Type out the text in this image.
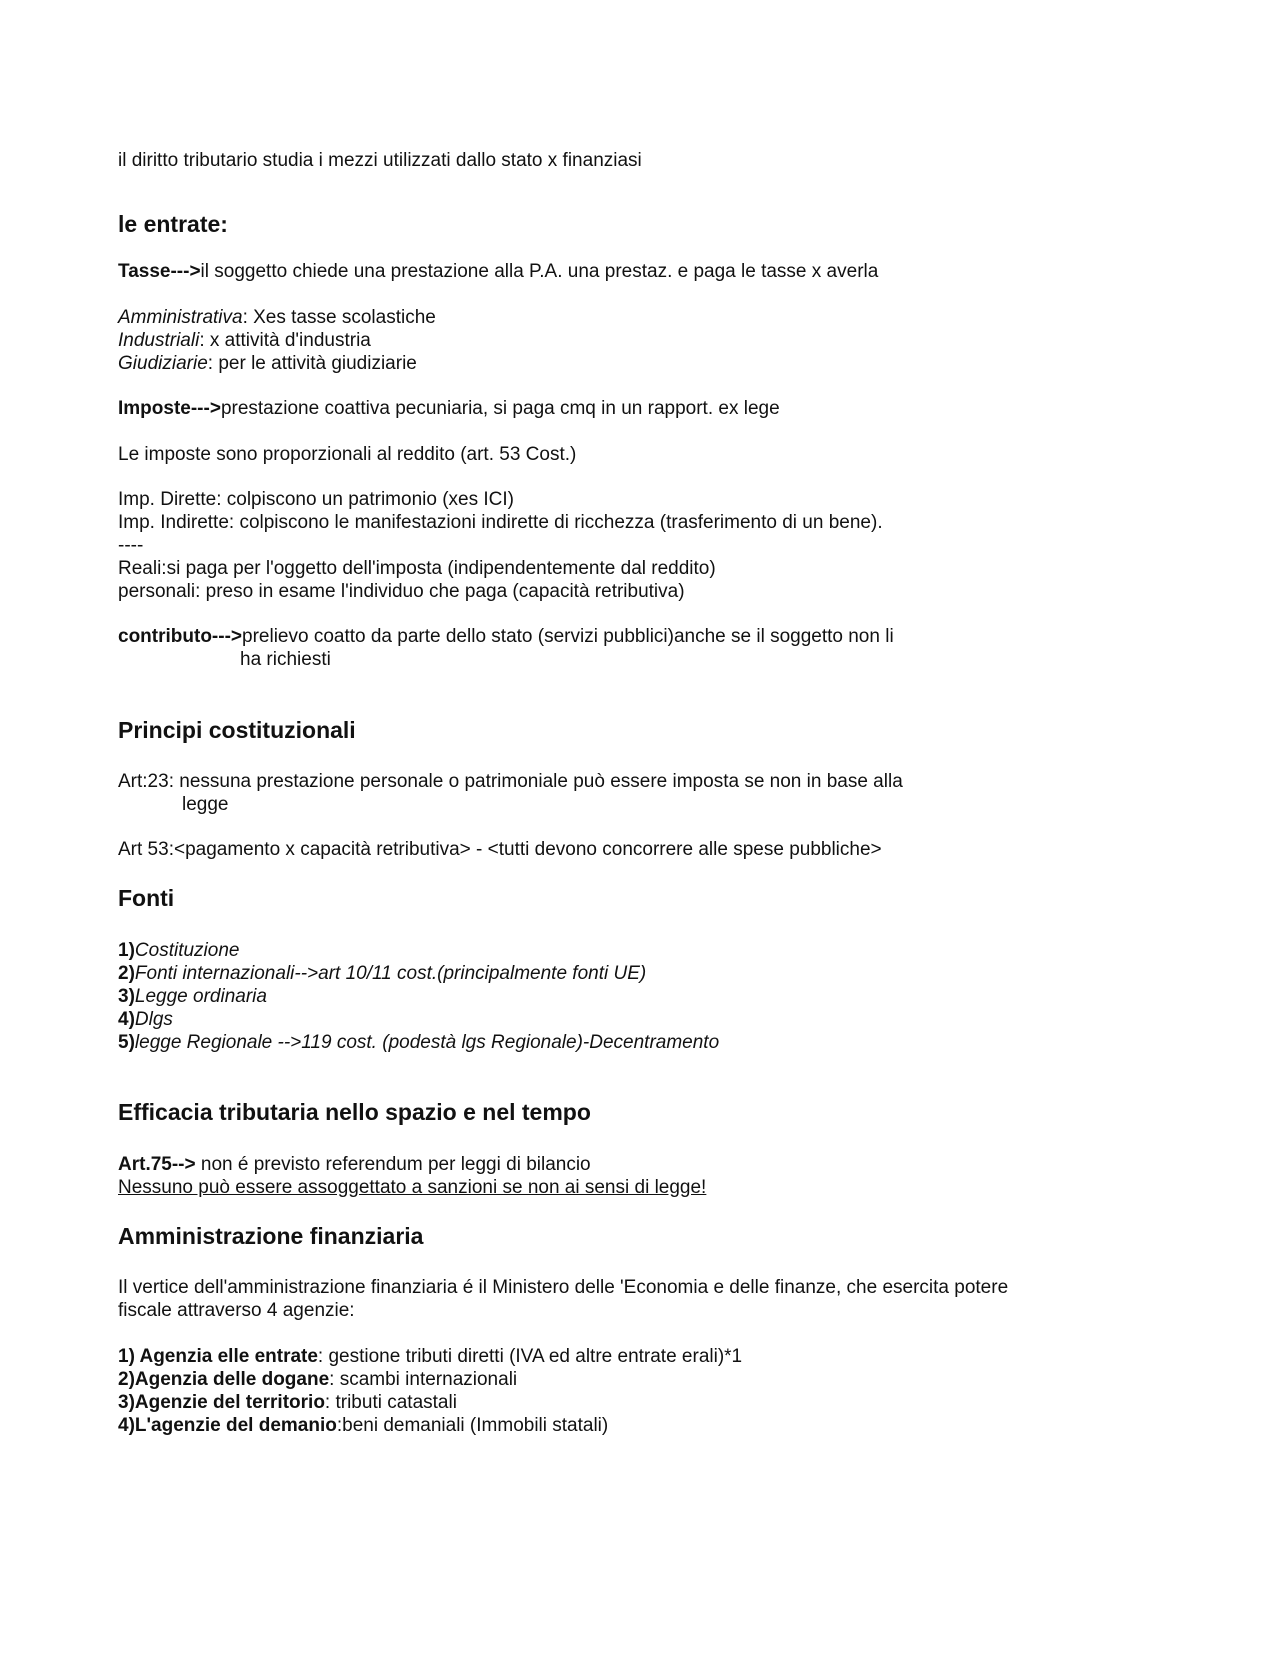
il diritto tributario studia i mezzi utilizzati dallo stato x finanziasi
le entrate:
Tasse--->il soggetto chiede una prestazione alla P.A. una prestaz. e paga le tasse x averla
Amministrativa: Xes tasse scolastiche
Industriali: x attività d'industria
Giudiziarie: per le attività giudiziarie
Imposte--->prestazione coattiva pecuniaria, si paga cmq in un rapport. ex lege
Le imposte sono proporzionali al reddito (art. 53 Cost.)
Imp. Dirette: colpiscono un patrimonio (xes ICI)
Imp. Indirette: colpiscono le manifestazioni indirette di ricchezza (trasferimento di un bene).
----
Reali:si paga per l'oggetto dell'imposta (indipendentemente dal reddito)
personali: preso in esame l'individuo che paga (capacità retributiva)
contributo--->prelievo coatto da parte dello stato (servizi pubblici)anche se il soggetto non li
ha richiesti
Principi costituzionali
Art:23: nessuna prestazione personale o patrimoniale può essere imposta se non in base alla
legge
Art 53:<pagamento x capacità retributiva> - <tutti devono concorrere alle spese pubbliche>
Fonti
1)Costituzione
2)Fonti internazionali-->art 10/11 cost.(principalmente fonti UE)
3)Legge ordinaria
4)Dlgs
5)legge Regionale -->119 cost. (podestà lgs Regionale)-Decentramento
Efficacia tributaria nello spazio e nel tempo
Art.75--> non é previsto referendum per leggi di bilancio
Nessuno può essere assoggettato a sanzioni se non ai sensi di legge!
Amministrazione finanziaria
Il vertice dell'amministrazione finanziaria é il Ministero delle 'Economia e delle finanze, che esercita potere
fiscale attraverso 4 agenzie:
1) Agenzia elle entrate: gestione tributi diretti (IVA ed altre entrate erali)*1
2)Agenzia delle dogane: scambi internazionali
3)Agenzie del territorio: tributi catastali
4)L'agenzie del demanio:beni demaniali (Immobili statali)
